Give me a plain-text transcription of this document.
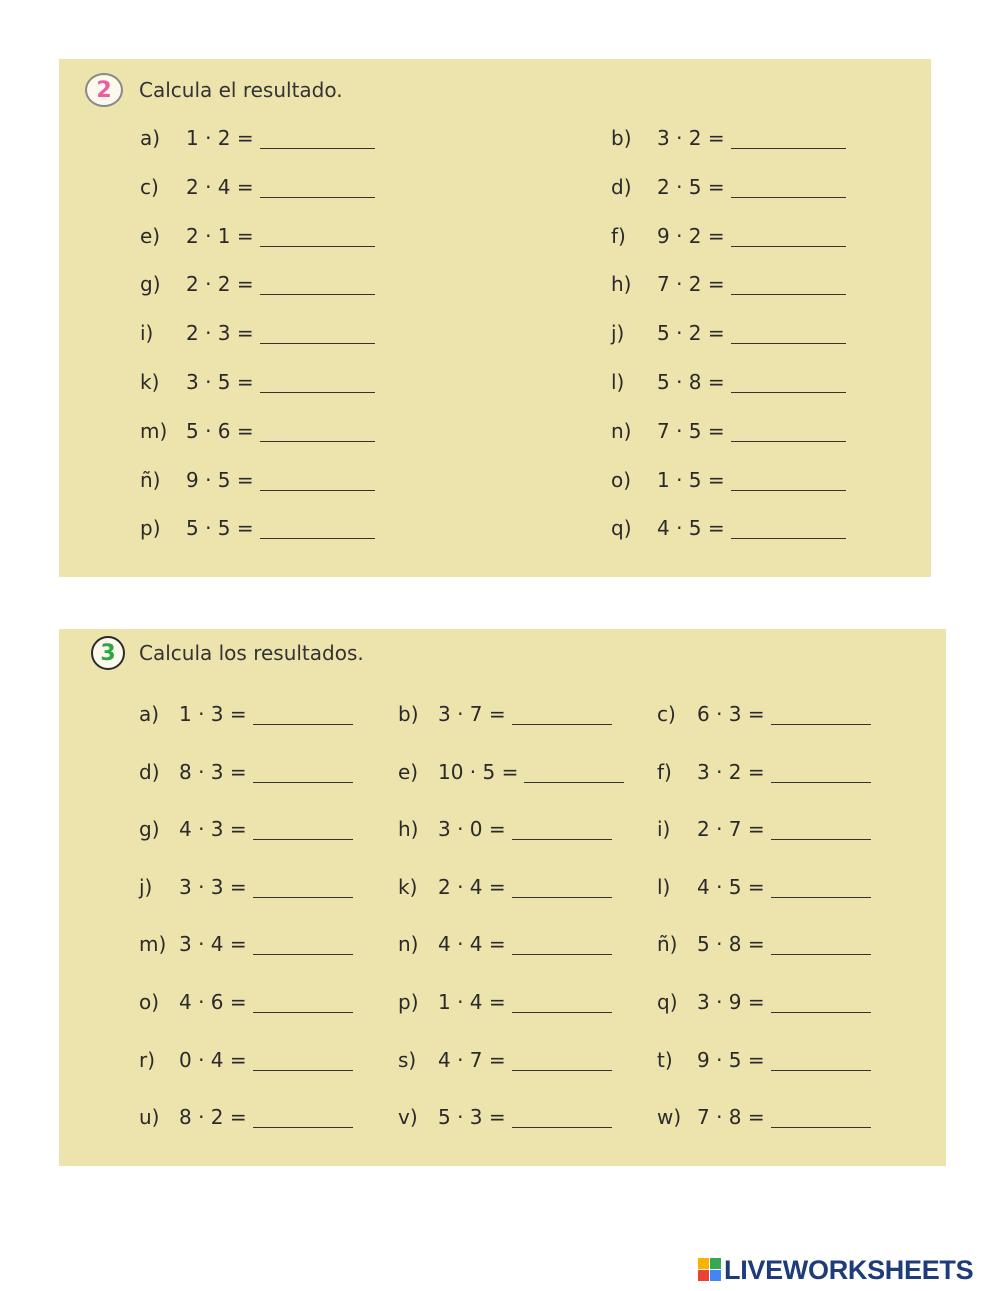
2 Calcula el resultado.
a)	1 · 2 =	b)	3 · 2 =
c)	2 · 4 =	d)	2 · 5 =
e)	2 · 1 =	f)	9 · 2 =
g)	2 · 2 =	h)	7 · 2 =
i)	2 · 3 =	j)	5 · 2 =
k)	3 · 5 =	l)	5 · 8 =
m) 5 · 6 =	n)	7 · 5 =
ñ)	9 · 5 =	o)	1 · 5 =
p)	5 · 5 =	q)	4 · 5 =
3 Calcula los resultados.
a) 1 · 3 =	b) 3 · 7 =	c)	6 · 3 =
d) 8 · 3 =	e) 10 · 5 =	f)	3 · 2 =
g) 4 · 3 =	h) 3 · 0 =	i)	2 · 7 =
j)	3 · 3 =	k)	2 · 4 =	l)	4 · 5 =
m) 3 · 4 =	n) 4 · 4 =	ñ) 5 · 8 =
o) 4 · 6 =	p) 1 · 4 =	q) 3 · 9 =
r)	0 · 4 =	s)	4 · 7 =	t)	9 · 5 =
u) 8 · 2 =	v)	5 · 3 =	w) 7 · 8 =
LIVEWORKSHEETS
